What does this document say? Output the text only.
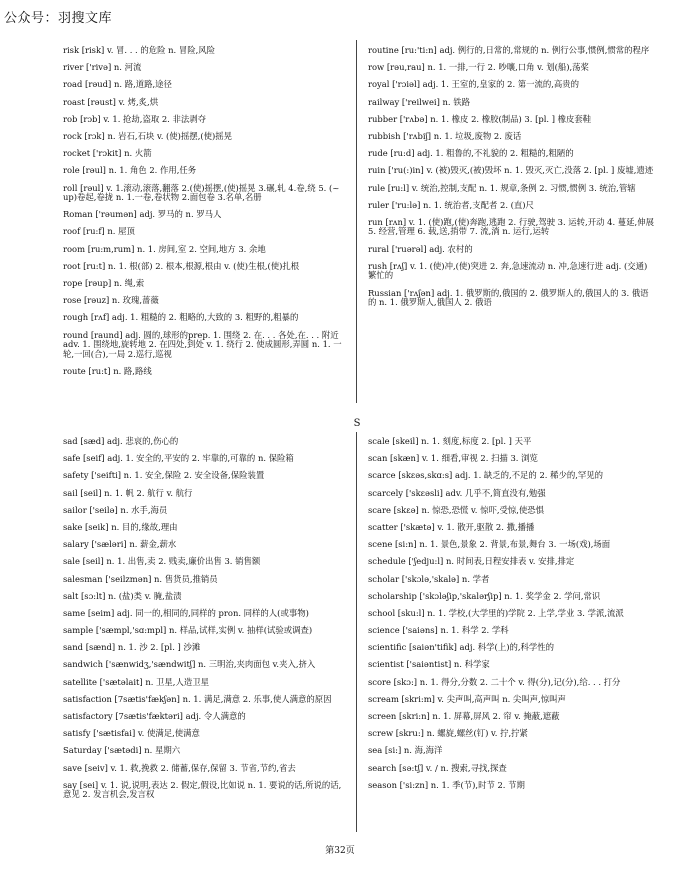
公众号：羽搜文库
S
risk [risk] v. 冒. . . 的危险 n. 冒险,风险
river ['rivə] n. 河流
road [rəud] n. 路,道路,途径
roast [rəust] v. 烤,炙,烘
rob [rɔb] v. 1. 抢劫,盗取 2. 非法剥夺
rock [rɔk] n. 岩石,石块 v. (使)摇摆,(使)摇晃
rocket ['rɔkit] n. 火箭
role [rəul] n. 1. 角色 2. 作用,任务
roll [rəul] v. 1.滚动,滚落,翻落 2.(使)摇摆,(使)摇晃 3.碾,轧 4.卷,绕 5. (~ up)卷起,卷拢 n. 1.一卷,卷状物 2.面包卷 3.名单,名册
Roman ['rəumən] adj. 罗马的 n. 罗马人
roof [ru:f] n. 屋顶
room [ru:m,rum] n. 1. 房间,室 2. 空间,地方 3. 余地
root [ru:t] n. 1. 根(部) 2. 根本,根源,根由 v. (使)生根,(使)扎根
rope [rəup] n. 绳,索
rose [rəuz] n. 玫瑰,蔷薇
rough [rʌf] adj. 1. 粗糙的 2. 粗略的,大致的 3. 粗野的,粗暴的
round [raund] adj. 圆的,球形的prep. 1. 围绕 2. 在. . . 各处,在. . . 附近adv. 1. 围绕地,旋转地 2. 在四处,到处 v. 1. 绕行 2. 使成圆形,弄圆 n. 1. 一轮,一回(合),一局 2.巡行,巡视
route [ru:t] n. 路,路线
routine [ru:'ti:n] adj. 例行的,日常的,常规的 n. 例行公事,惯例,惯常的程序
row [rəu,rau] n. 1. 一排,一行 2. 吵嚷,口角 v. 划(船),荡桨
royal ['rɔiəl] adj. 1. 王室的,皇家的 2. 第一流的,高贵的
railway ['reilwei] n. 铁路
rubber ['rʌbə] n. 1. 橡皮 2. 橡胶(制品) 3. [pl. ] 橡皮套鞋
rubbish ['rʌbiʃ] n. 1. 垃圾,废物 2. 废话
rude [ru:d] adj. 1. 粗鲁的,不礼貌的 2. 粗糙的,粗陋的
ruin ['ru(:)in] v. (被)毁灭,(被)毁坏 n. 1. 毁灭,灭亡,没落 2. [pl. ] 废墟,遗迹
rule [ru:l] v. 统治,控制,支配 n. 1. 规章,条例 2. 习惯,惯例 3. 统治,管辖
ruler ['ru:lə] n. 1. 统治者,支配者 2. (直)尺
run [rʌn] v. 1. (使)跑,(使)奔跑,逃跑 2. 行驶,驾驶 3. 运转,开动 4. 蔓延,伸展 5. 经营,管理 6. 载,送,捎带 7. 流,淌 n. 运行,运转
rural ['ruərəl] adj. 农村的
rush [rʌʃ] v. 1. (使)冲,(使)突进 2. 奔,急速流动 n. 冲,急速行进 adj. (交通)繁忙的
Russian ['rʌʃən] adj. 1. 俄罗斯的,俄国的 2. 俄罗斯人的,俄国人的 3. 俄语的 n. 1. 俄罗斯人,俄国人 2. 俄语
sad [sæd] adj. 悲哀的,伤心的
safe [seif] adj. 1. 安全的,平安的 2. 牢靠的,可靠的 n. 保险箱
safety ['seifti] n. 1. 安全,保险 2. 安全设备,保险装置
sail [seil] n. 1. 帆 2. 航行 v. 航行
sailor ['seilə] n. 水手,海员
sake [seik] n. 目的,缘故,理由
salary ['sæləri] n. 薪金,薪水
sale [seil] n. 1. 出售,卖 2. 贱卖,廉价出售 3. 销售额
salesman ['seilzmən] n. 售货员,推销员
salt [sɔ:lt] n. (盐)类 v. 腌,盐渍
same [seim] adj. 同一的,相同的,同样的 pron. 同样的人(或事物)
sample ['sæmpl,'sɑ:mpl] n. 样品,试样,实例 v. 抽样(试验或调查)
sand [sænd] n. 1. 沙 2. [pl. ] 沙滩
sandwich ['sænwidʒ,'sændwitʃ] n. 三明治,夹肉面包 v.夹入,挤入
satellite ['sætəlait] n. 卫星,人造卫星
satisfaction [7sætis'fækʃən] n. 1. 满足,满意 2. 乐事,使人满意的原因
satisfactory [7sætis'fæktəri] adj. 令人满意的
satisfy ['sætisfai] v. 使满足,使满意
Saturday ['sætədi] n. 星期六
save [seiv] v. 1. 救,挽救 2. 储蓄,保存,保留 3. 节省,节约,省去
say [sei] v. 1. 说,说明,表达 2. 假定,假设,比如说 n. 1. 要说的话,所说的话,意见 2. 发言机会,发言权
scale [skeil] n. 1. 刻度,标度 2. [pl. ] 天平
scan [skæn] v. 1. 细看,审视 2. 扫描 3. 浏览
scarce [skɛəs,skɑ:s] adj. 1. 缺乏的,不足的 2. 稀少的,罕见的
scarcely ['skɛəsli] adv. 几乎不,简直没有,勉强
scare [skɛə] n. 惊恐,恐慌 v. 惊吓,受惊,使恐惧
scatter ['skætə] v. 1. 散开,驱散 2. 撒,播播
scene [si:n] n. 1. 景色,景象 2. 背景,布景,舞台 3. 一场(戏),场面
schedule ['ʃedju:l] n. 时间表,日程安排表 v. 安排,排定
scholar ['skɔlə,'skalə] n. 学者
scholarship ['skɔləʃip,'skalərʃip] n. 1. 奖学金 2. 学问,常识
school [sku:l] n. 1. 学校,(大学里的)学院 2. 上学,学业 3. 学派,流派
science ['saiəns] n. 1. 科学 2. 学科
scientific [saiən'tifik] adj. 科学(上)的,科学性的
scientist ['saiəntist] n. 科学家
score [skɔ:] n. 1. 得分,分数 2. 二十个 v. 得(分),记(分),给. . . 打分
scream [skri:m] v. 尖声叫,高声叫 n. 尖叫声,惊叫声
screen [skri:n] n. 1. 屏幕,屏风 2. 帘 v. 掩蔽,遮蔽
screw [skru:] n. 螺旋,螺丝(钉) v. 拧,拧紧
sea [si:] n. 海,海洋
search [sə:tʃ] v. / n. 搜索,寻找,探查
season ['si:zn] n. 1. 季(节),时节 2. 节期
第32页
